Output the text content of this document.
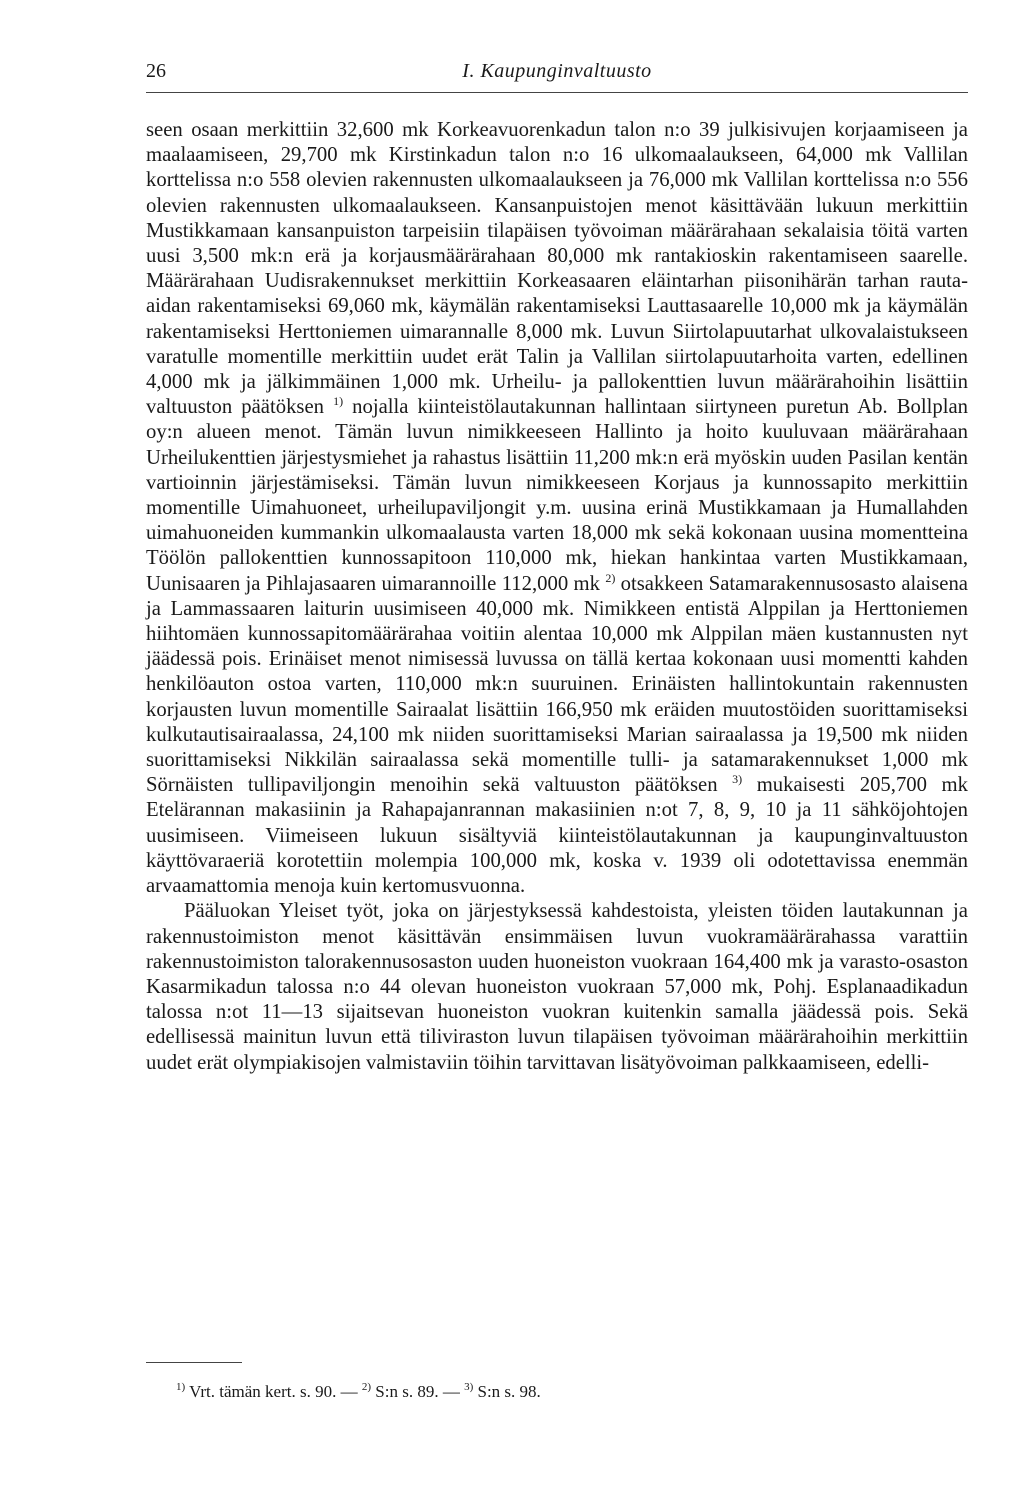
26	I. Kaupunginvaltuusto

seen osaan merkittiin 32,600 mk Korkeavuorenkadun talon n:o 39 julkisivujen korjaamiseen ja maalaamiseen, 29,700 mk Kirstinkadun talon n:o 16 ulkomaalaukseen, 64,000 mk Vallilan korttelissa n:o 558 olevien rakennusten ulkomaalaukseen ja 76,000 mk Vallilan korttelissa n:o 556 olevien rakennusten ulkomaalaukseen. Kansanpuistojen menot käsittävään lukuun merkittiin Mustikkamaan kansanpuiston tarpeisiin tilapäisen työvoiman määrärahaan sekalaisia töitä varten uusi 3,500 mk:n erä ja korjausmäärärahaan 80,000 mk rantakioskin rakentamiseen saarelle. Määrärahaan Uudisrakennukset merkittiin Korkeasaaren eläintarhan piisonihärän tarhan rauta-aidan rakentamiseksi 69,060 mk, käymälän rakentamiseksi Lauttasaarelle 10,000 mk ja käymälän rakentamiseksi Herttoniemen uimarannalle 8,000 mk. Luvun Siirtolapuutarhat ulkovalaistukseen varatulle momentille merkittiin uudet erät Talin ja Vallilan siirtolapuutarhoita varten, edellinen 4,000 mk ja jälkimmäinen 1,000 mk. Urheilu- ja pallokenttien luvun määrärahoihin lisättiin valtuuston päätöksen $^{1)}$ nojalla kiinteistölautakunnan hallintaan siirtyneen puretun Ab. Bollplan oy:n alueen menot. Tämän luvun nimikkeeseen Hallinto ja hoito kuuluvaan määrärahaan Urheilukenttien järjestysmiehet ja rahastus lisättiin 11,200 mk:n erä myöskin uuden Pasilan kentän vartioinnin järjestämiseksi. Tämän luvun nimikkeeseen Korjaus ja kunnossapito merkittiin momentille Uimahuoneet, urheilupaviljongit y.m. uusina erinä Mustikkamaan ja Humallahden uimahuoneiden kummankin ulkomaalausta varten 18,000 mk sekä kokonaan uusina momentteina Töölön pallokenttien kunnossapitoon 110,000 mk, hiekan hankintaa varten Mustikkamaan, Uunisaaren ja Pihlajasaaren uimarannoille 112,000 mk $^{2)}$ otsakkeen Satamarakennusosasto alaisena ja Lammassaaren laiturin uusimiseen 40,000 mk. Nimikkeen entistä Alppilan ja Herttoniemen hiihtomäen kunnossapitomäärärahaa voitiin alentaa 10,000 mk Alppilan mäen kustannusten nyt jäädessä pois. Erinäiset menot nimisessä luvussa on tällä kertaa kokonaan uusi momentti kahden henkilöauton ostoa varten, 110,000 mk:n suuruinen. Erinäisten hallintokuntain rakennusten korjausten luvun momentille Sairaalat lisättiin 166,950 mk eräiden muutostöiden suorittamiseksi kulkutautisairaalassa, 24,100 mk niiden suorittamiseksi Marian sairaalassa ja 19,500 mk niiden suorittamiseksi Nikkilän sairaalassa sekä momentille tulli- ja satamarakennukset 1,000 mk Sörnäisten tullipaviljongin menoihin sekä valtuuston päätöksen $^{3)}$ mukaisesti 205,700 mk Etelärannan makasiinin ja Rahapajanrannan makasiinien n:ot 7, 8, 9, 10 ja 11 sähköjohtojen uusimiseen. Viimeiseen lukuun sisältyviä kiinteistölautakunnan ja kaupunginvaltuuston käyttövaraeriä korotettiin molempia 100,000 mk, koska v. 1939 oli odotettavissa enemmän arvaamattomia menoja kuin kertomusvuonna.

Pääluokan Yleiset työt, joka on järjestyksessä kahdestoista, yleisten töiden lautakunnan ja rakennustoimiston menot käsittävän ensimmäisen luvun vuokramäärärahassa varattiin rakennustoimiston talorakennusosaston uuden huoneiston vuokraan 164,400 mk ja varasto-osaston Kasarmikadun talossa n:o 44 olevan huoneiston vuokraan 57,000 mk, Pohj. Esplanaadikadun talossa n:ot 11—13 sijaitsevan huoneiston vuokran kuitenkin samalla jäädessä pois. Sekä edellisessä mainitun luvun että tiliviraston luvun tilapäisen työvoiman määrärahoihin merkittiin uudet erät olympiakisojen valmistaviin töihin tarvittavan lisätyövoiman palkkaamiseen, edelli-

$^{1)}$ Vrt. tämän kert. s. 90. — $^{2)}$ S:n s. 89. — $^{3)}$ S:n s. 98.
